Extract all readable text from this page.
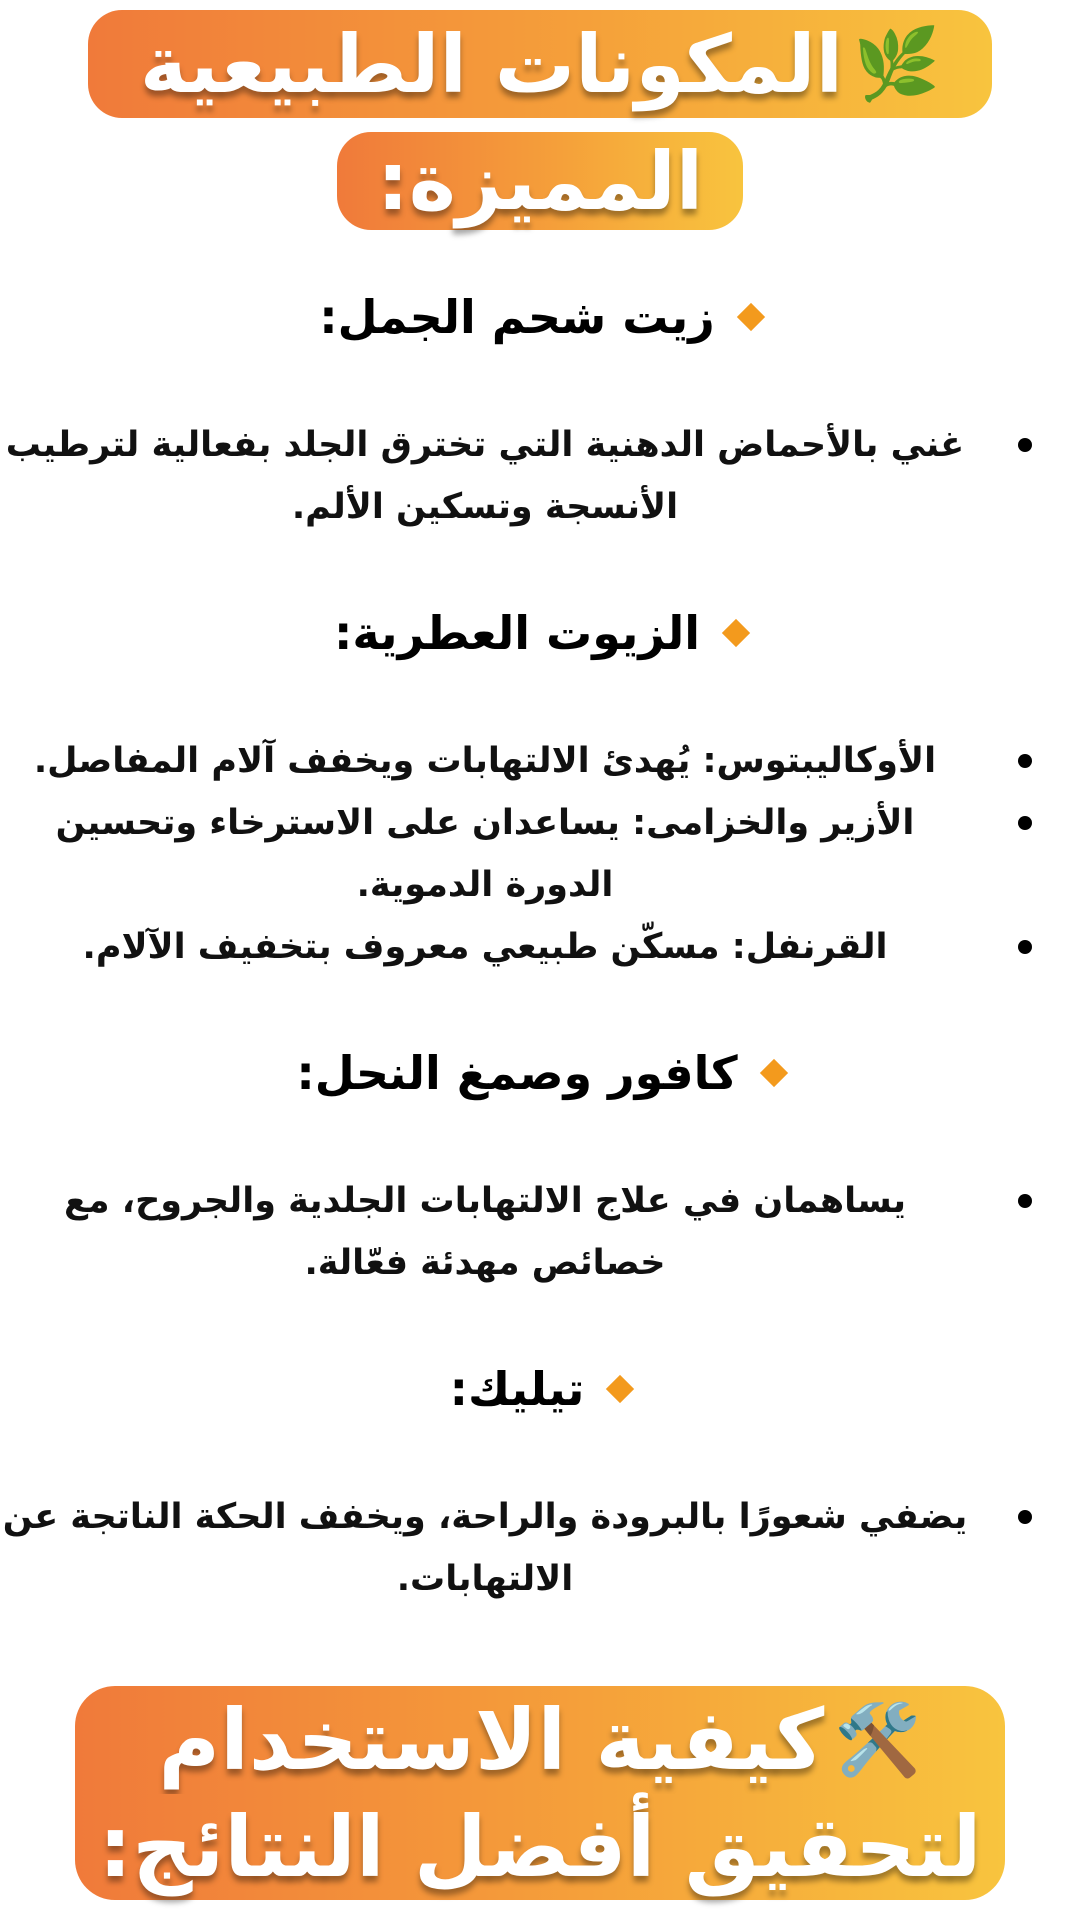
🌿
المكونات الطبيعية
المميزة:
زيت شحم الجمل:
غني بالأحماض الدهنية التي تخترق الجلد بفعالية لترطيب الأنسجة وتسكين الألم.
الزيوت العطرية:
الأوكاليبتوس: يُهدئ الالتهابات ويخفف آلام المفاصل.
الأزير والخزامى: يساعدان على الاسترخاء وتحسين الدورة الدموية.
القرنفل: مسكّن طبيعي معروف بتخفيف الآلام.
كافور وصمغ النحل:
يساهمان في علاج الالتهابات الجلدية والجروح، مع خصائص مهدئة فعّالة.
تيليك:
يضفي شعورًا بالبرودة والراحة، ويخفف الحكة الناتجة عن الالتهابات.
🛠️
كيفية الاستخدام
لتحقيق أفضل النتائج:
